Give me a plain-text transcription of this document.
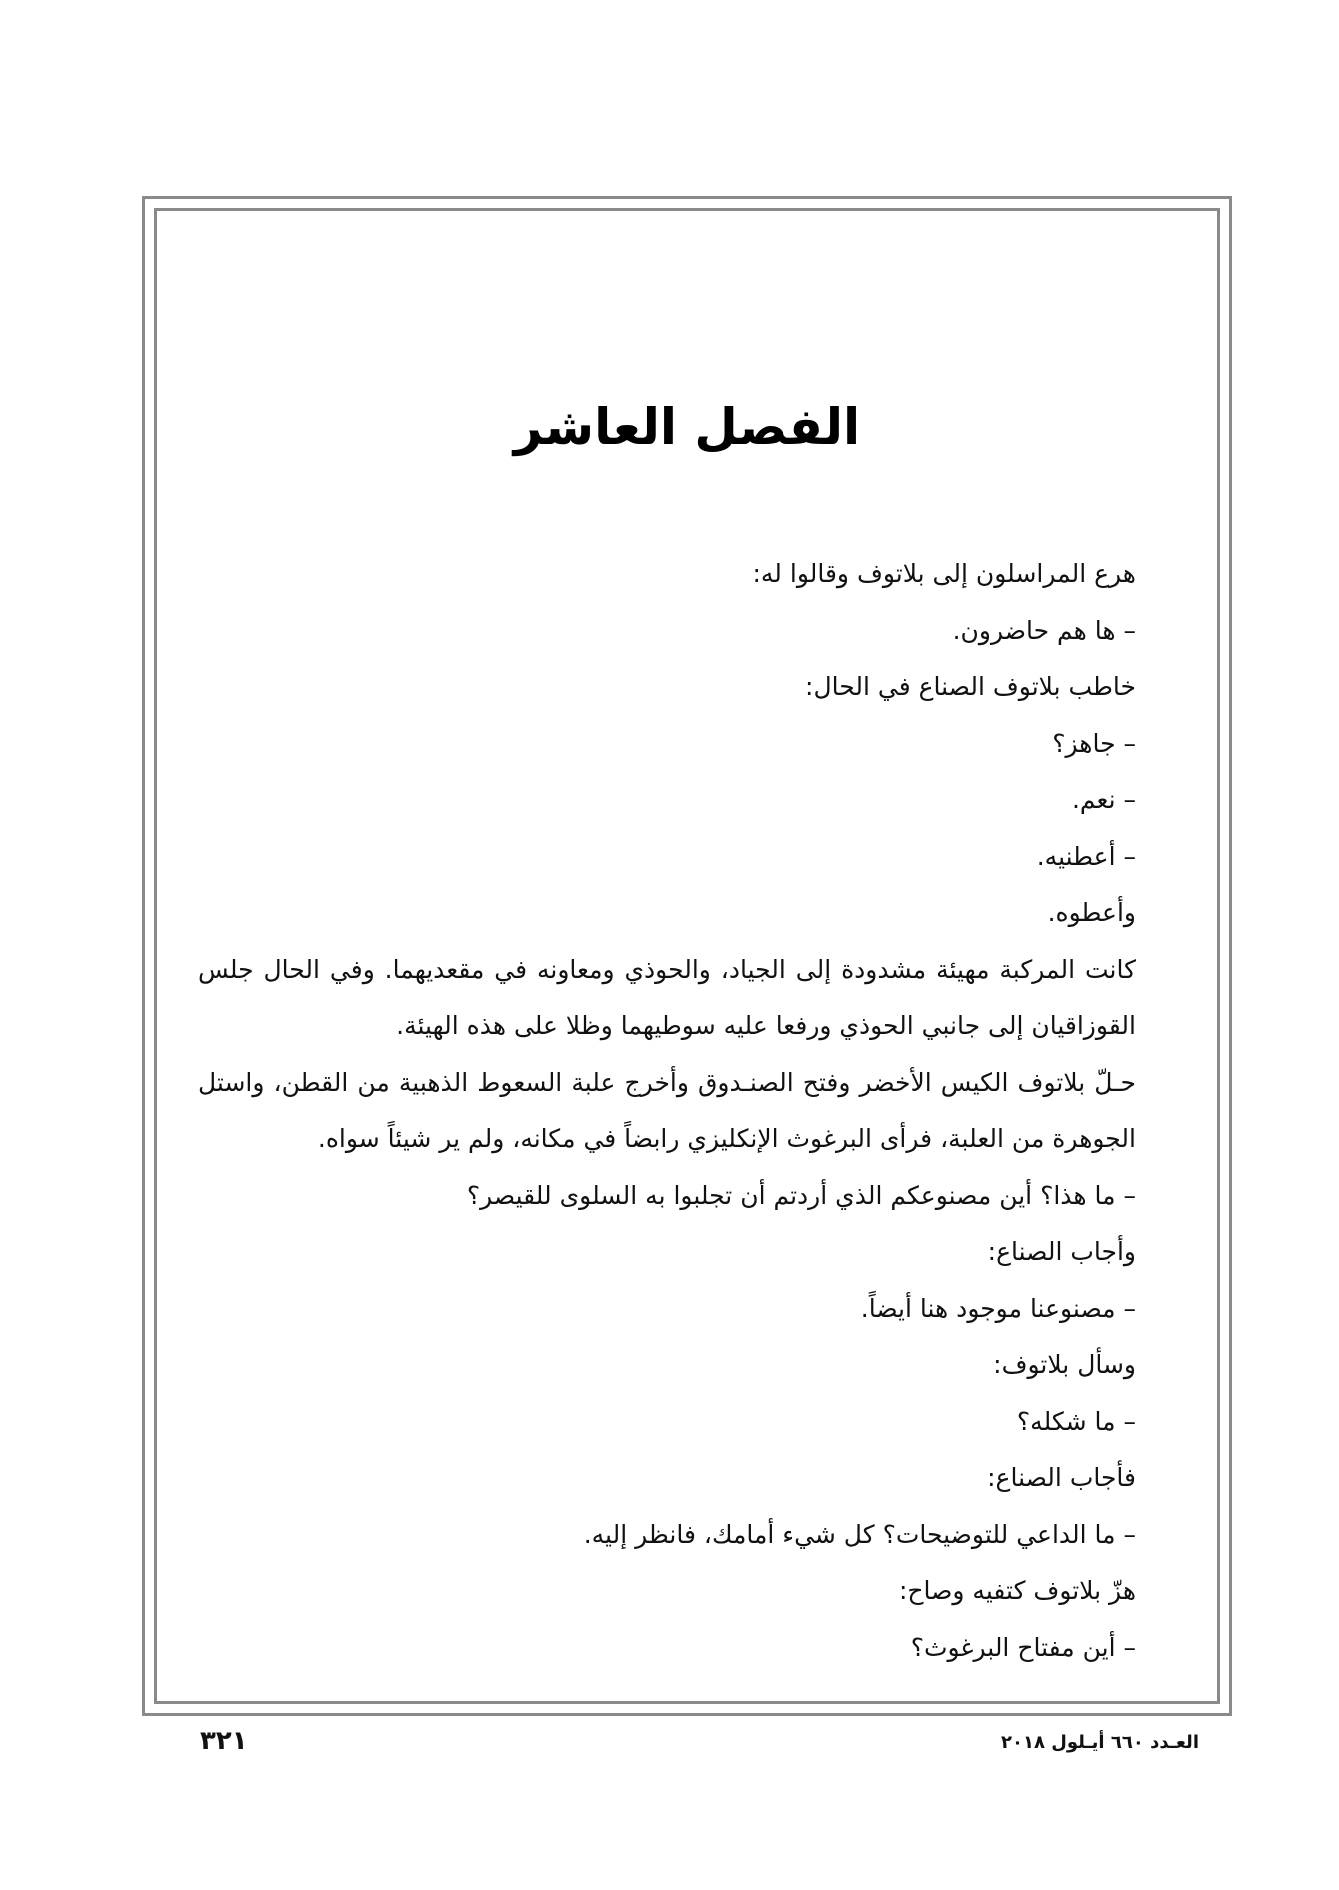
الفصل العاشر

هرع المراسلون إلى بلاتوف وقالوا له:

– ها هم حاضرون.

خاطب بلاتوف الصناع في الحال:

– جاهز؟

– نعم.

– أعطنيه.

وأعطوه.

كانت المركبة مهيئة مشدودة إلى الجياد، والحوذي ومعاونه في مقعديهما. وفي الحال جلس القوزاقيان إلى جانبي الحوذي ورفعا عليه سوطيهما وظلا على هذه الهيئة.

حـلّ بلاتوف الكيس الأخضر وفتح الصنـدوق وأخرج علبة السعوط الذهبية من القطن، واستل الجوهرة من العلبة، فرأى البرغوث الإنكليزي رابضاً في مكانه، ولم ير شيئاً سواه.

– ما هذا؟ أين مصنوعكم الذي أردتم أن تجلبوا به السلوى للقيصر؟

وأجاب الصناع:

– مصنوعنا موجود هنا أيضاً.

وسأل بلاتوف:

– ما شكله؟

فأجاب الصناع:

– ما الداعي للتوضيحات؟ كل شيء أمامك، فانظر إليه.

هزّ بلاتوف كتفيه وصاح:

– أين مفتاح البرغوث؟

٣٢١	العـدد ٦٦٠ أيـلول ٢٠١٨
